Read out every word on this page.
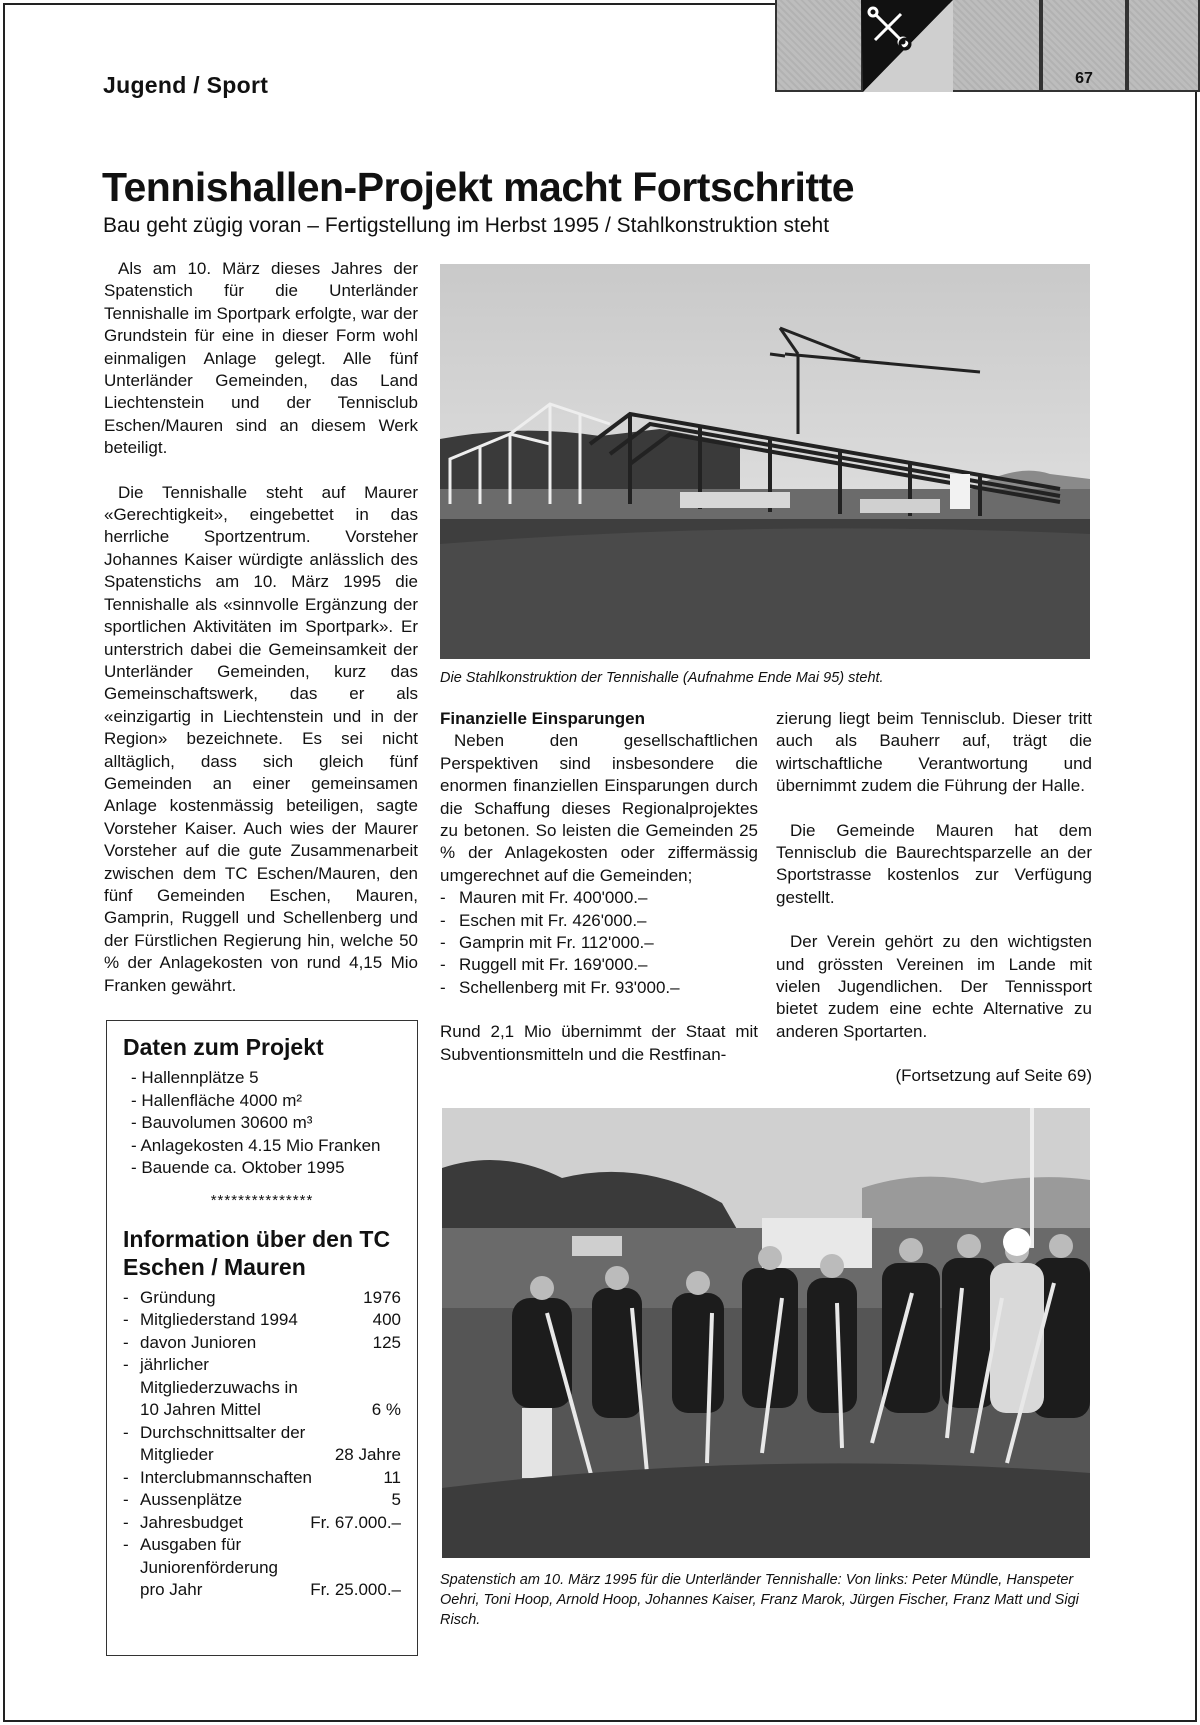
Jugend / Sport	67
Tennishallen-Projekt macht Fortschritte
Bau geht zügig voran – Fertigstellung im Herbst 1995 / Stahlkonstruktion steht

Als am 10. März dieses Jahres der Spatenstich für die Unterländer Tennishalle im Sportpark erfolgte, war der Grundstein für eine in dieser Form wohl einmaligen Anlage gelegt. Alle fünf Unterländer Gemeinden, das Land Liechtenstein und der Tennisclub Eschen/Mauren sind an diesem Werk beteiligt.

Die Tennishalle steht auf Maurer «Gerechtigkeit», eingebettet in das herrliche Sportzentrum. Vorsteher Johannes Kaiser würdigte anlässlich des Spatenstichs am 10. März 1995 die Tennishalle als «sinnvolle Ergänzung der sportlichen Aktivitäten im Sportpark». Er unterstrich dabei die Gemeinsamkeit der Unterländer Gemeinden, kurz das Gemeinschaftswerk, das er als «einzigartig in Liechtenstein und in der Region» bezeichnete. Es sei nicht alltäglich, dass sich gleich fünf Gemeinden an einer gemeinsamen Anlage kostenmässig beteiligen, sagte Vorsteher Kaiser. Auch wies der Maurer Vorsteher auf die gute Zusammenarbeit zwischen dem TC Eschen/Mauren, den fünf Gemeinden Eschen, Mauren, Gamprin, Ruggell und Schellenberg und der Fürstlichen Regierung hin, welche 50 % der Anlagekosten von rund 4,15 Mio Franken gewährt.

Die Stahlkonstruktion der Tennishalle (Aufnahme Ende Mai 95) steht.
Finanzielle Einsparungen

Neben den gesellschaftlichen Perspektiven sind insbesondere die enormen finanziellen Einsparungen durch die Schaffung dieses Regionalprojektes zu betonen. So leisten die Gemeinden 25 % der Anlagekosten oder ziffermässig umgerechnet auf die Gemeinden;

- Mauren mit Fr. 400'000.–
- Eschen mit Fr. 426'000.–
- Gamprin mit Fr. 112'000.–
- Ruggell mit Fr. 169'000.–
- Schellenberg mit Fr. 93'000.–

Rund 2,1 Mio übernimmt der Staat mit Subventionsmitteln und die Restfinan-

zierung liegt beim Tennisclub. Dieser tritt auch als Bauherr auf, trägt die wirtschaftliche Verantwortung und übernimmt zudem die Führung der Halle.

Die Gemeinde Mauren hat dem Tennisclub die Baurechtsparzelle an der Sportstrasse kostenlos zur Verfügung gestellt.

Der Verein gehört zu den wichtigsten und grössten Vereinen im Lande mit vielen Jugendlichen. Der Tennissport bietet zudem eine echte Alternative zu anderen Sportarten.

(Fortsetzung auf Seite 69)

Daten zum Projekt
- Hallennplätze 5
- Hallenfläche 4000 m²
- Bauvolumen 30600 m³
- Anlagekosten 4.15 Mio Franken
- Bauende ca. Oktober 1995
***************
Information über den TC Eschen / Mauren
- Gründung	1976
- Mitgliederstand 1994	400
- davon Junioren	125
- jährlicher Mitgliederzuwachs in 10 Jahren Mittel	6 %
- Durchschnittsalter der Mitglieder	28 Jahre
- Interclubmannschaften	11
- Aussenplätze	5
- Jahresbudget	Fr. 67.000.–
- Ausgaben für Juniorenförderung pro Jahr	Fr. 25.000.–	Spatenstich am 10. März 1995 für die Unterländer Tennishalle: Von links: Peter Mündle, Hanspeter Oehri, Toni Hoop, Arnold Hoop, Johannes Kaiser, Franz Marok, Jürgen Fischer, Franz Matt und Sigi Risch.
